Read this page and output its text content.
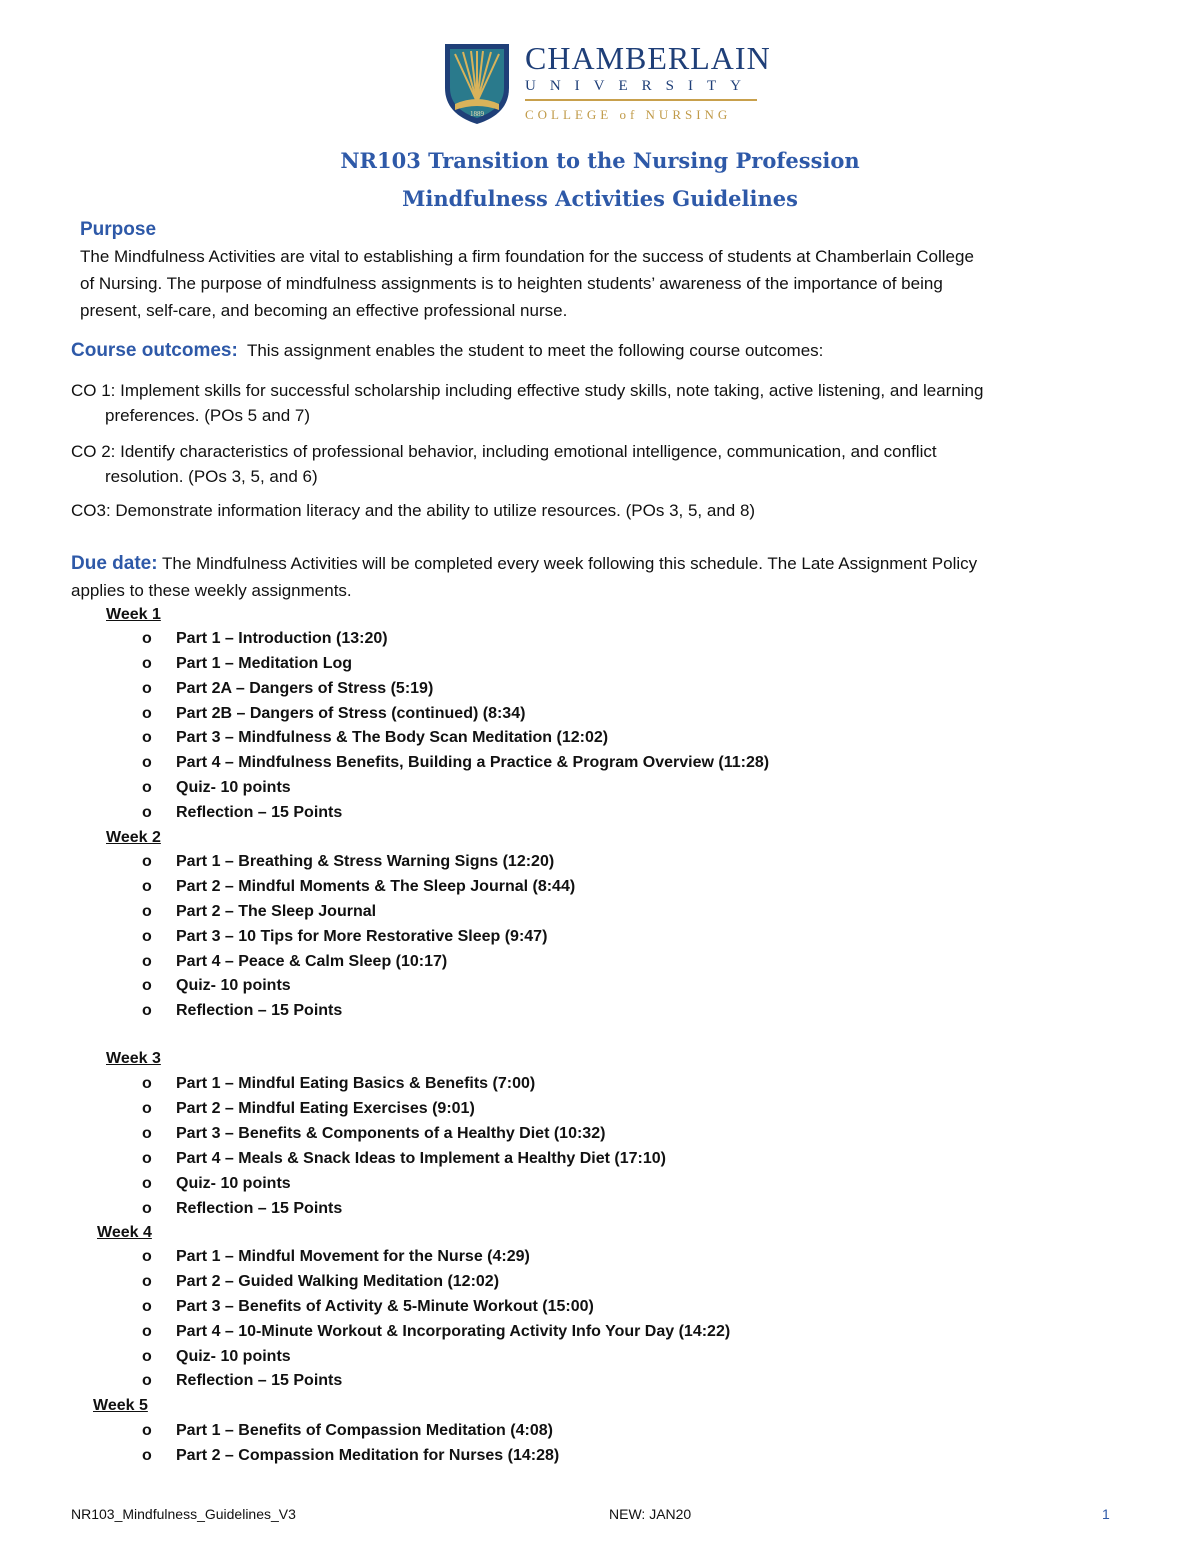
1889
CHAMBERLAIN
UNIVERSITY
COLLEGE of NURSING
NR103 Transition to the Nursing Profession
Mindfulness Activities Guidelines
Purpose
The Mindfulness Activities are vital to establishing a firm foundation for the success of students at Chamberlain College
of Nursing. The purpose of mindfulness assignments is to heighten students’ awareness of the importance of being
present, self-care, and becoming an effective professional nurse.
Course outcomes: This assignment enables the student to meet the following course outcomes:
CO 1: Implement skills for successful scholarship including effective study skills, note taking, active listening, and learning
preferences. (POs 5 and 7)
CO 2: Identify characteristics of professional behavior, including emotional intelligence, communication, and conflict
resolution. (POs 3, 5, and 6)
CO3: Demonstrate information literacy and the ability to utilize resources. (POs 3, 5, and 8)
Due date: The Mindfulness Activities will be completed every week following this schedule. The Late Assignment Policy
applies to these weekly assignments.
Week 1
o Part 1 – Introduction (13:20)
o Part 1 – Meditation Log
o Part 2A – Dangers of Stress (5:19)
o Part 2B – Dangers of Stress (continued) (8:34)
o Part 3 – Mindfulness & The Body Scan Meditation (12:02)
o Part 4 – Mindfulness Benefits, Building a Practice & Program Overview (11:28)
o Quiz- 10 points
o Reflection – 15 Points
Week 2
o Part 1 – Breathing & Stress Warning Signs (12:20)
o Part 2 – Mindful Moments & The Sleep Journal (8:44)
o Part 2 – The Sleep Journal
o Part 3 – 10 Tips for More Restorative Sleep (9:47)
o Part 4 – Peace & Calm Sleep (10:17)
o Quiz- 10 points
o Reflection – 15 Points
Week 3
o Part 1 – Mindful Eating Basics & Benefits (7:00)
o Part 2 – Mindful Eating Exercises (9:01)
o Part 3 – Benefits & Components of a Healthy Diet (10:32)
o Part 4 – Meals & Snack Ideas to Implement a Healthy Diet (17:10)
o Quiz- 10 points
o Reflection – 15 Points
Week 4
o Part 1 – Mindful Movement for the Nurse (4:29)
o Part 2 – Guided Walking Meditation (12:02)
o Part 3 – Benefits of Activity & 5-Minute Workout (15:00)
o Part 4 – 10-Minute Workout & Incorporating Activity Info Your Day (14:22)
o Quiz- 10 points
o Reflection – 15 Points
Week 5
o Part 1 – Benefits of Compassion Meditation (4:08)
o Part 2 – Compassion Meditation for Nurses (14:28)
NR103_Mindfulness_Guidelines_V3	NEW: JAN20	1
